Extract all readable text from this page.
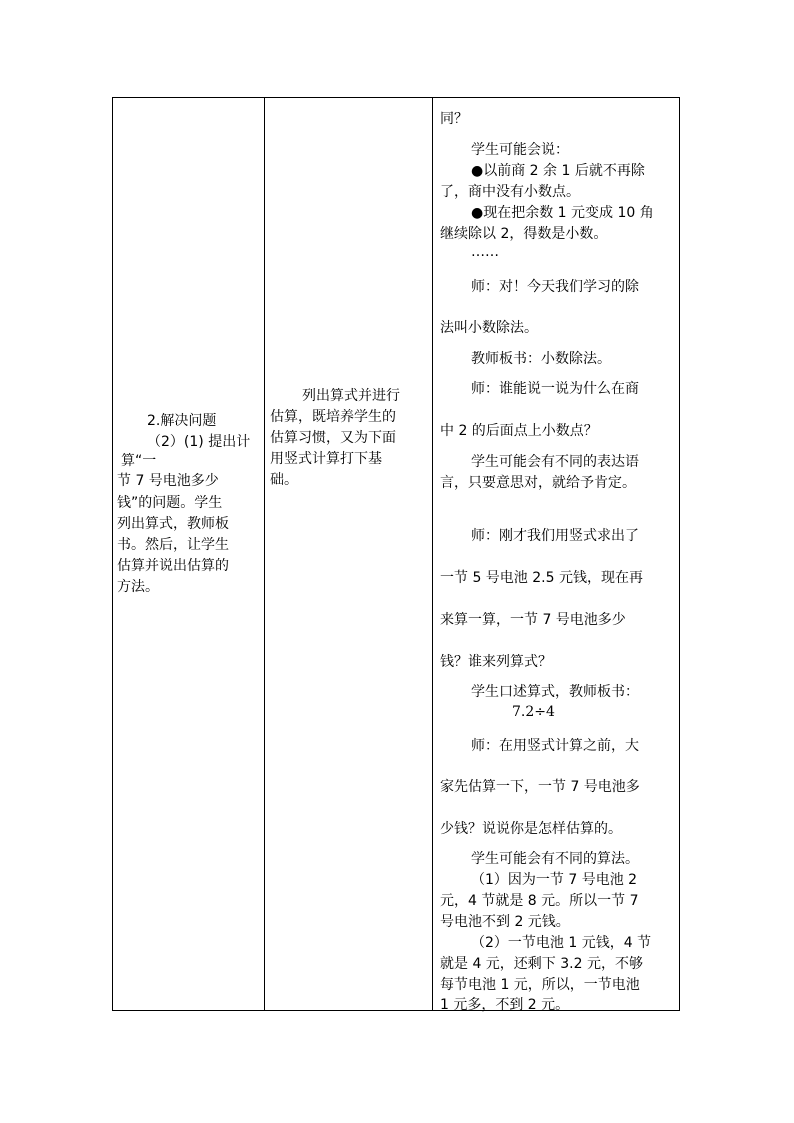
2.解决问题
（2）(1) 提出计
算“一
节 7 号电池多少
钱”的问题。学生
列出算式，教师板
书。然后，让学生
估算并说出估算的
方法。
列出算式并进行
估算，既培养学生的
估算习惯，又为下面
用竖式计算打下基
础。
同？
学生可能会说：
●以前商 2 余 1 后就不再除
了，商中没有小数点。
●现在把余数 1 元变成 10 角
继续除以 2，得数是小数。
……
师：对！今天我们学习的除
法叫小数除法。
教师板书：小数除法。
师：谁能说一说为什么在商
中 2 的后面点上小数点？
学生可能会有不同的表达语
言，只要意思对，就给予肯定。
师：刚才我们用竖式求出了
一节 5 号电池 2.5 元钱，现在再
来算一算，一节 7 号电池多少
钱？谁来列算式？
学生口述算式，教师板书：
7.2÷4
师：在用竖式计算之前，大
家先估算一下，一节 7 号电池多
少钱？说说你是怎样估算的。
学生可能会有不同的算法。
（1）因为一节 7 号电池 2
元，4 节就是 8 元。所以一节 7
号电池不到 2 元钱。
（2）一节电池 1 元钱，4 节
就是 4 元，还剩下 3.2 元，不够
每节电池 1 元，所以，一节电池
1 元多，不到 2 元。
